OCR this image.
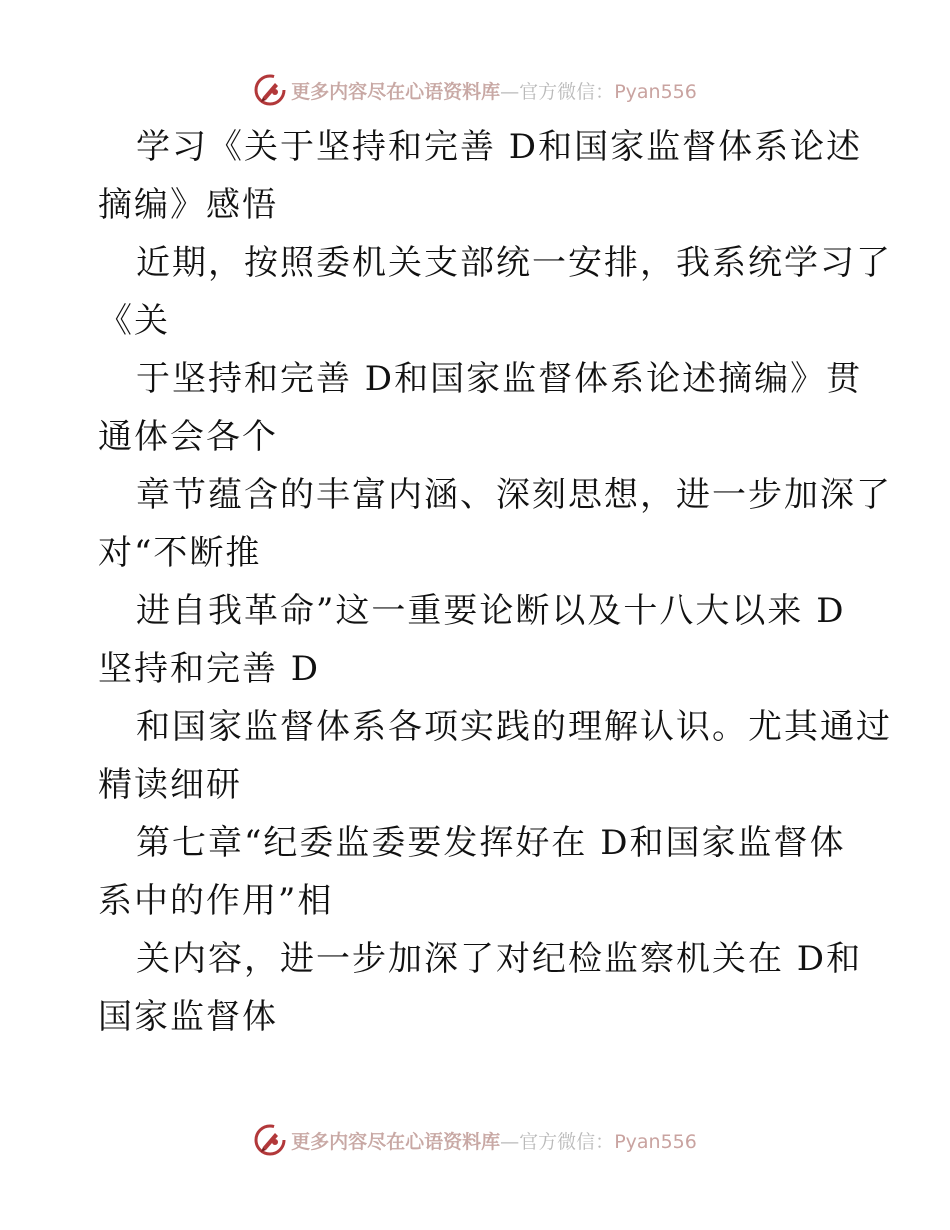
更多内容尽在心语资料库—官方微信：Pyan556
学习《关于坚持和完善 D和国家监督体系论述
摘编》感悟
近期，按照委机关支部统一安排，我系统学习了
《关
于坚持和完善 D和国家监督体系论述摘编》贯
通体会各个
章节蕴含的丰富内涵、深刻思想，进一步加深了
对“不断推
进自我革命”这一重要论断以及十八大以来 D
坚持和完善 D
和国家监督体系各项实践的理解认识。尤其通过
精读细研
第七章“纪委监委要发挥好在 D和国家监督体
系中的作用”相
关内容，进一步加深了对纪检监察机关在 D和
国家监督体
更多内容尽在心语资料库—官方微信：Pyan556
